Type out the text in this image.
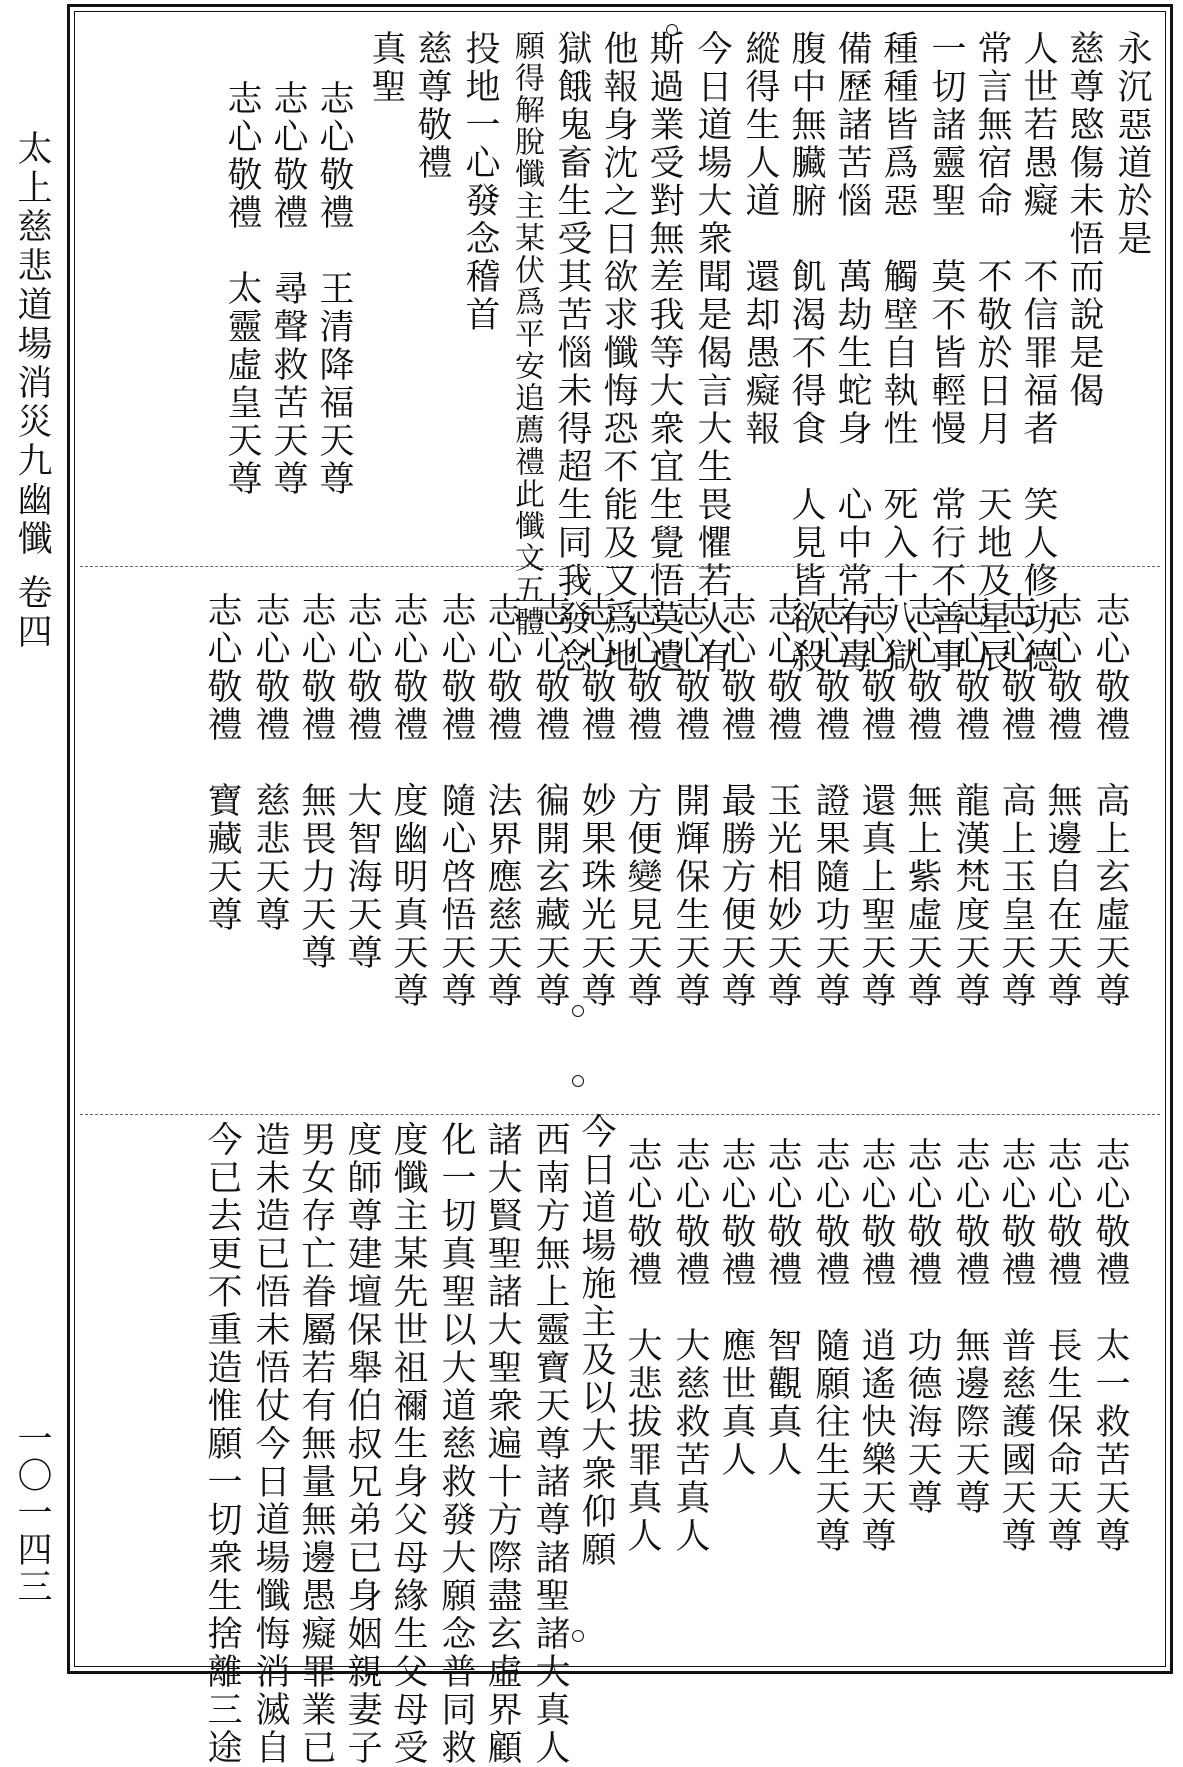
太上慈悲道場消災九幽懺 卷四
一〇一四三
永沉惡道於是
慈尊愍傷未悟而說是偈
人世若愚癡　不信罪福者　笑人修功德
常言無宿命　不敬於日月　天地及星辰
一切諸靈聖　莫不皆輕慢　常行不善事
種種皆爲惡　觸壁自執性　死入十八獄
備歷諸苦惱　萬劫生蛇身　心中常有毒
腹中無臟腑　飢渴不得食　人見皆欲殺
縱得生人道　還却愚癡報
今日道場大衆聞是偈言大生畏懼若人有
斯過業受對無差我等大衆宜生覺悟莫遺
他報身沈之日欲求懺悔恐不能及又爲地
獄餓鬼畜生受其苦惱未得超生同我發念
願得解脫懺主某伏爲平安追薦禮此懺文五體
投地一心發念稽首
慈尊敬禮
真聖
志心敬禮　王清降福天尊
志心敬禮　尋聲救苦天尊
志心敬禮　太靈虛皇天尊
志心敬禮　高上玄虛天尊
志心敬禮　無邊自在天尊
志心敬禮　高上玉皇天尊
志心敬禮　龍漢梵度天尊
志心敬禮　無上紫虛天尊
志心敬禮　還真上聖天尊
志心敬禮　證果隨功天尊
志心敬禮　玉光相妙天尊
志心敬禮　最勝方便天尊
志心敬禮　開輝保生天尊
志心敬禮　方便變見天尊
志心敬禮　妙果珠光天尊
志心敬禮　徧開玄藏天尊
志心敬禮　法界應慈天尊
志心敬禮　隨心啓悟天尊
志心敬禮　度幽明真天尊
志心敬禮　大智海天尊
志心敬禮　無畏力天尊
志心敬禮　慈悲天尊
志心敬禮　寶藏天尊
志心敬禮　太一救苦天尊
志心敬禮　長生保命天尊
志心敬禮　普慈護國天尊
志心敬禮　無邊際天尊
志心敬禮　功德海天尊
志心敬禮　逍遙快樂天尊
志心敬禮　隨願往生天尊
志心敬禮　智觀真人
志心敬禮　應世真人
志心敬禮　大慈救苦真人
志心敬禮　大悲拔罪真人
今日道場施主及以大衆仰願
西南方無上靈寶天尊諸尊諸聖諸大真人
諸大賢聖諸大聖衆遍十方際盡玄虛界顧
化一切真聖以大道慈救發大願念普同救
度懺主某先世祖禰生身父母緣生父母受
度師尊建壇保舉伯叔兄弟已身姻親妻子
男女存亡眷屬若有無量無邊愚癡罪業已
造未造已悟未悟仗今日道場懺悔消滅自
今已去更不重造惟願一切衆生捨離三途
